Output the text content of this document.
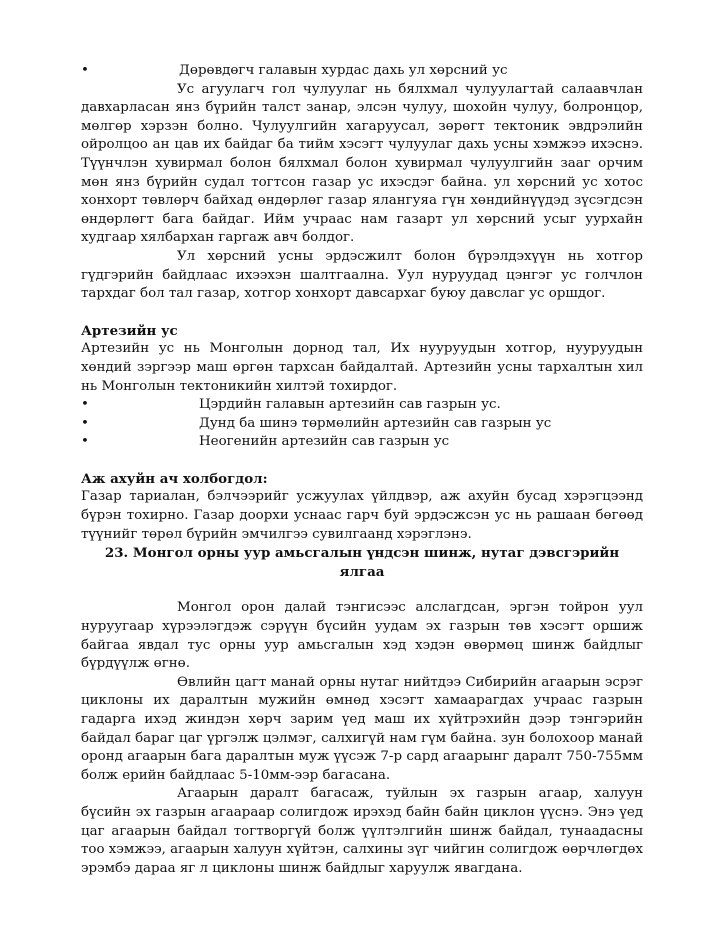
•	Дөрөвдөгч галавын хурдас дахь ул хөрсний ус

Ус агуулагч гол чулуулаг нь бялхмал чулуулагтай салаавчлан давхарласан янз бүрийн талст занар, элсэн чулуу, шохойн чулуу, болронцор, мөлгөр хэрзэн болно. Чулуулгийн хагарууcал, зөрөгт тектоник эвдрэлийн ойролцоо ан цав их байдаг ба тийм хэсэгт чулуулаг дахь усны хэмжээ ихэснэ. Түүнчлэн хувирмал болон бялхмал болон хувирмал чулуулгийн зааг орчим мөн янз бүрийн судал тогтсон газар ус ихэсдэг байна. ул хөрсний ус хотос хонхорт төвлөрч байхад өндөрлөг газар ялангуяа гүн хөндийнүүдэд зүсэгдсэн өндөрлөгт бага байдаг. Ийм учраас нам газарт ул хөрсний усыг уурхайн худгаар хялбархан гаргаж авч болдог.

Ул хөрсний усны эрдэсжилт болон бүрэлдэхүүн нь хотгор гүдгэрийн байдлаас ихээхэн шалтгаална. Уул нуруудад цэнгэг ус голчлон тархдаг бол тал газар, хотгор хонхорт давсархаг буюу давслаг ус оршдог.

Артезийн ус

Артезийн ус нь Монголын дорнод тал, Их нууруудын хотгор, нууруудын хөндий зэргээр маш өргөн тархсан байдалтай. Артезийн усны тархалтын хил нь Монголын тектоникийн хилтэй тохирдог.

•	Цэрдийн галавын артезийн сав газрын ус.

•	Дунд ба шинэ төрмөлийн артезийн сав газрын ус

•	Неогенийн артезийн сав газрын ус

Аж ахуйн ач холбогдол:

Газар тариалан, бэлчээрийг усжуулах үйлдвэр, аж ахуйн бусад хэрэгцээнд бүрэн тохирно. Газар доорхи уснаас гарч буй эрдэсжсэн ус нь рашаан бөгөөд түүнийг төрөл бүрийн эмчилгээ сувилгаанд хэрэглэнэ.

23. Монгол орны уур амьсгалын үндсэн шинж, нутаг дэвсгэрийн ялгаа

Монгол орон далай тэнгисээс алслагдсан, эргэн тойрон уул нуруугаар хүрээлэгдэж сэрүүн бүсийн уудам эх газрын төв хэсэгт оршиж байгаа явдал тус орны уур амьсгалын хэд хэдэн өвөрмөц шинж байдлыг бүрдүүлж өгнө.

Өвлийн цагт манай орны нутаг нийтдээ Сибирийн агаарын эсрэг циклоны их даралтын мужийн өмнөд хэсэгт хамаарагдах учраас газрын гадарга ихэд жиндэн хөрч зарим үед маш их хүйтрэхийн дээр тэнгэрийн байдал бараг цаг үргэлж цэлмэг, салхигүй нам гүм байна. зун болохоор манай оронд агаарын бага даралтын муж үүсэж 7-р сард агаарынг даралт 750-755мм болж ерийн байдлаас 5-10мм-ээр багасана.

Агаарын даралт багасаж, туйлын эх газрын агаар, халуун бүсийн эх газрын агаараар солигдож ирэхэд байн байн циклон үүснэ. Энэ үед цаг агаарын байдал тогтворгүй болж үүлтэлгийн шинж байдал, тунаадасны тоо хэмжээ, агаарын халуун хүйтэн, салхины зүг чийгин солигдож өөрчлөгдөх эрэмбэ дараа яг л циклоны шинж байдлыг харуулж явагдана.
